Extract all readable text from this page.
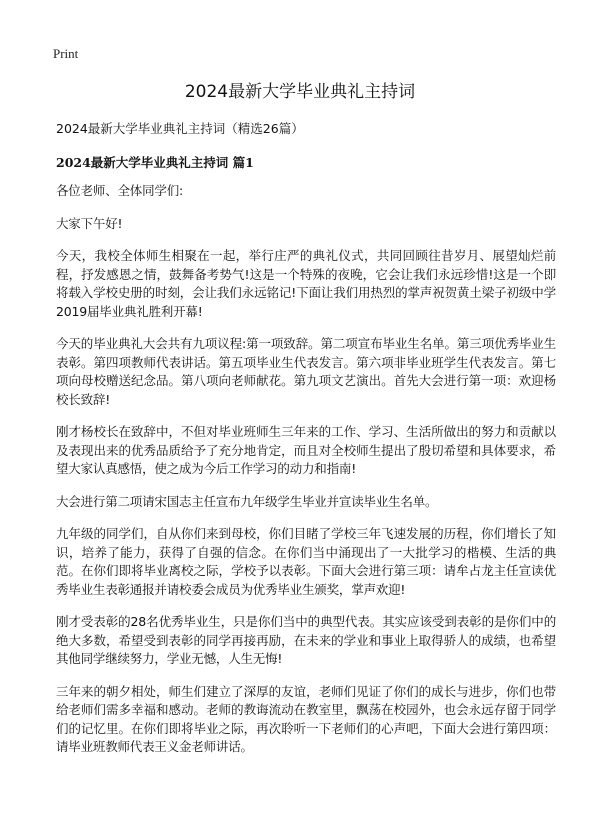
Print
2024最新大学毕业典礼主持词

2024最新大学毕业典礼主持词（精选26篇）

2024最新大学毕业典礼主持词 篇1

各位老师、全体同学们:

大家下午好!

今天，我校全体师生相聚在一起，举行庄严的典礼仪式，共同回顾往昔岁月、展望灿烂前程，抒发感恩之情，鼓舞备考势气!这是一个特殊的夜晚，它会让我们永远珍惜!这是一个即将载入学校史册的时刻，会让我们永远铭记!下面让我们用热烈的掌声祝贺黄土梁子初级中学2019届毕业典礼胜利开幕!

今天的毕业典礼大会共有九项议程:第一项致辞。第二项宣布毕业生名单。第三项优秀毕业生表彰。第四项教师代表讲话。第五项毕业生代表发言。第六项非毕业班学生代表发言。第七项向母校赠送纪念品。第八项向老师献花。第九项文艺演出。首先大会进行第一项：欢迎杨校长致辞!

刚才杨校长在致辞中，不但对毕业班师生三年来的工作、学习、生活所做出的努力和贡献以及表现出来的优秀品质给予了充分地肯定，而且对全校师生提出了殷切希望和具体要求，希望大家认真感悟，使之成为今后工作学习的动力和指南!

大会进行第二项请宋国志主任宣布九年级学生毕业并宣读毕业生名单。

九年级的同学们，自从你们来到母校，你们目睹了学校三年飞速发展的历程，你们增长了知识，培养了能力，获得了自强的信念。在你们当中涌现出了一大批学习的楷模、生活的典范。在你们即将毕业离校之际，学校予以表彰。下面大会进行第三项：请牟占龙主任宣读优秀毕业生表彰通报并请校委会成员为优秀毕业生颁奖，掌声欢迎!

刚才受表彰的28名优秀毕业生，只是你们当中的典型代表。其实应该受到表彰的是你们中的绝大多数，希望受到表彰的同学再接再励，在未来的学业和事业上取得骄人的成绩，也希望其他同学继续努力，学业无憾，人生无悔!

三年来的朝夕相处，师生们建立了深厚的友谊，老师们见证了你们的成长与进步，你们也带给老师们需多幸福和感动。老师的教诲流动在教室里，飘荡在校园外，也会永远存留于同学们的记忆里。在你们即将毕业之际，再次聆听一下老师们的心声吧，下面大会进行第四项：请毕业班教师代表王义金老师讲话。
